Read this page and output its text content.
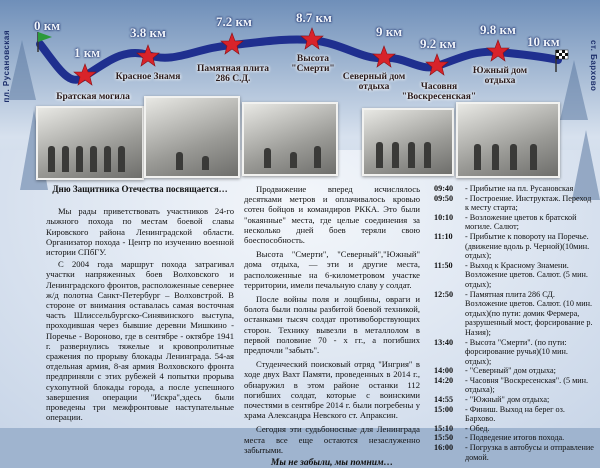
пл. Русановская	ст. Бархово
0 км
1 км
3.8 км
7.2 км	8.7 км
9 км
9.2 км
9.8 км
10 км
Братская могила
Красное Знамя
Памятная плита 286 С.Д.
Высота "Смерти"
Северный дом отдыха	Часовня "Воскресенская"
Южный дом отдыха
Дню Защитника Отечества посвящается…

Мы рады приветствовать участников 24-го лыжного похода по местам боевой славы Кировского района Ленинградской области. Организатор похода - Центр по изучению военной истории СПбГУ.

С 2004 года маршрут похода затрагивал участки напряженных боев Волховского и Ленинградского фронтов, расположенные севернее ж/д полотна Санкт-Петербург – Волховстрой. В стороне от внимания оставалась самая восточная часть Шлиссельбургско-Синявинского выступа, проходившая через бывшие деревни Мишкино - Поречье - Вороново, где в сентябре - октябре 1941 г. развернулись тяжелые и кровопролитные сражения по прорыву блокады Ленинграда. 54-ая отдельная армия, 8-ая армия Волховского фронта предприняли с этих рубежей 4 попытки прорыва сухопутной блокады города, а после успешного завершения операции "Искра",здесь были проведены три межфронтовые наступательные операции.

Продвижение вперед исчислялось десятками метров и оплачивалось кровью сотен бойцов и командиров РККА. Это были "окаянные" места, где целые соединения за несколько дней боев теряли свою боеспособность.

Высота "Смерти", "Северный","Южный" дома отдыха, — эти и другие места, расположенные на 6-километровом участке территории, имели печальную славу у солдат.

После войны поля и лощбины, овраги и болота были полны разбитой боевой техникой, останками тысяч солдат противоборствующих сторон. Технику вывезли в металлолом в первой половине 70 - х гг., а погибших предпочли "забыть".

Студенческий поисковый отряд "Ингрия" в ходе двух Вахт Памяти, проведенных в 2014 г., обнаружил в этом районе останки 112 погибших солдат, которые с воинскими почестями в сентябре 2014 г. были погребены у храма Александра Невского ст. Апраксин.

Сегодня эти судьбоносные для Ленинграда места все еще остаются незаслуженно забытыми.

Мы не забыли, мы помним…
09:40	- Прибытие на пл. Русановская
09:50	- Построение. Инструктаж. Переход к месту старта;
10:10	- Возложение цветов к братской могиле. Салют;
11:10	- Прибытие к повороту на Поречье. (движение вдоль р. Черной)(10мин. отдых);
11:50	- Выход к Красному Знамени. Возложение цветов. Салют. (5 мин. отдых);
12:50	- Памятная плита 286 СД. Возложение цветов. Салют. (10 мин. отдых)(по пути: домик Фермера, разрушенный мост, форсирование р. Назия);
13:40	- Высота "Смерти". (по пути: форсирование ручья)(10 мин. отдых);
14:00	- "Северный" дом отдыха;
14:20	- Часовня "Воскресенская". (5 мин. отдыха);
14:55	- "Южный" дом отдыха;
15:00	- Финиш. Выход на берег оз. Бархово.
15:10	- Обед.
15:50	- Подведение итогов похода.
16:00	- Погрузка в автобусы и отправление домой.
